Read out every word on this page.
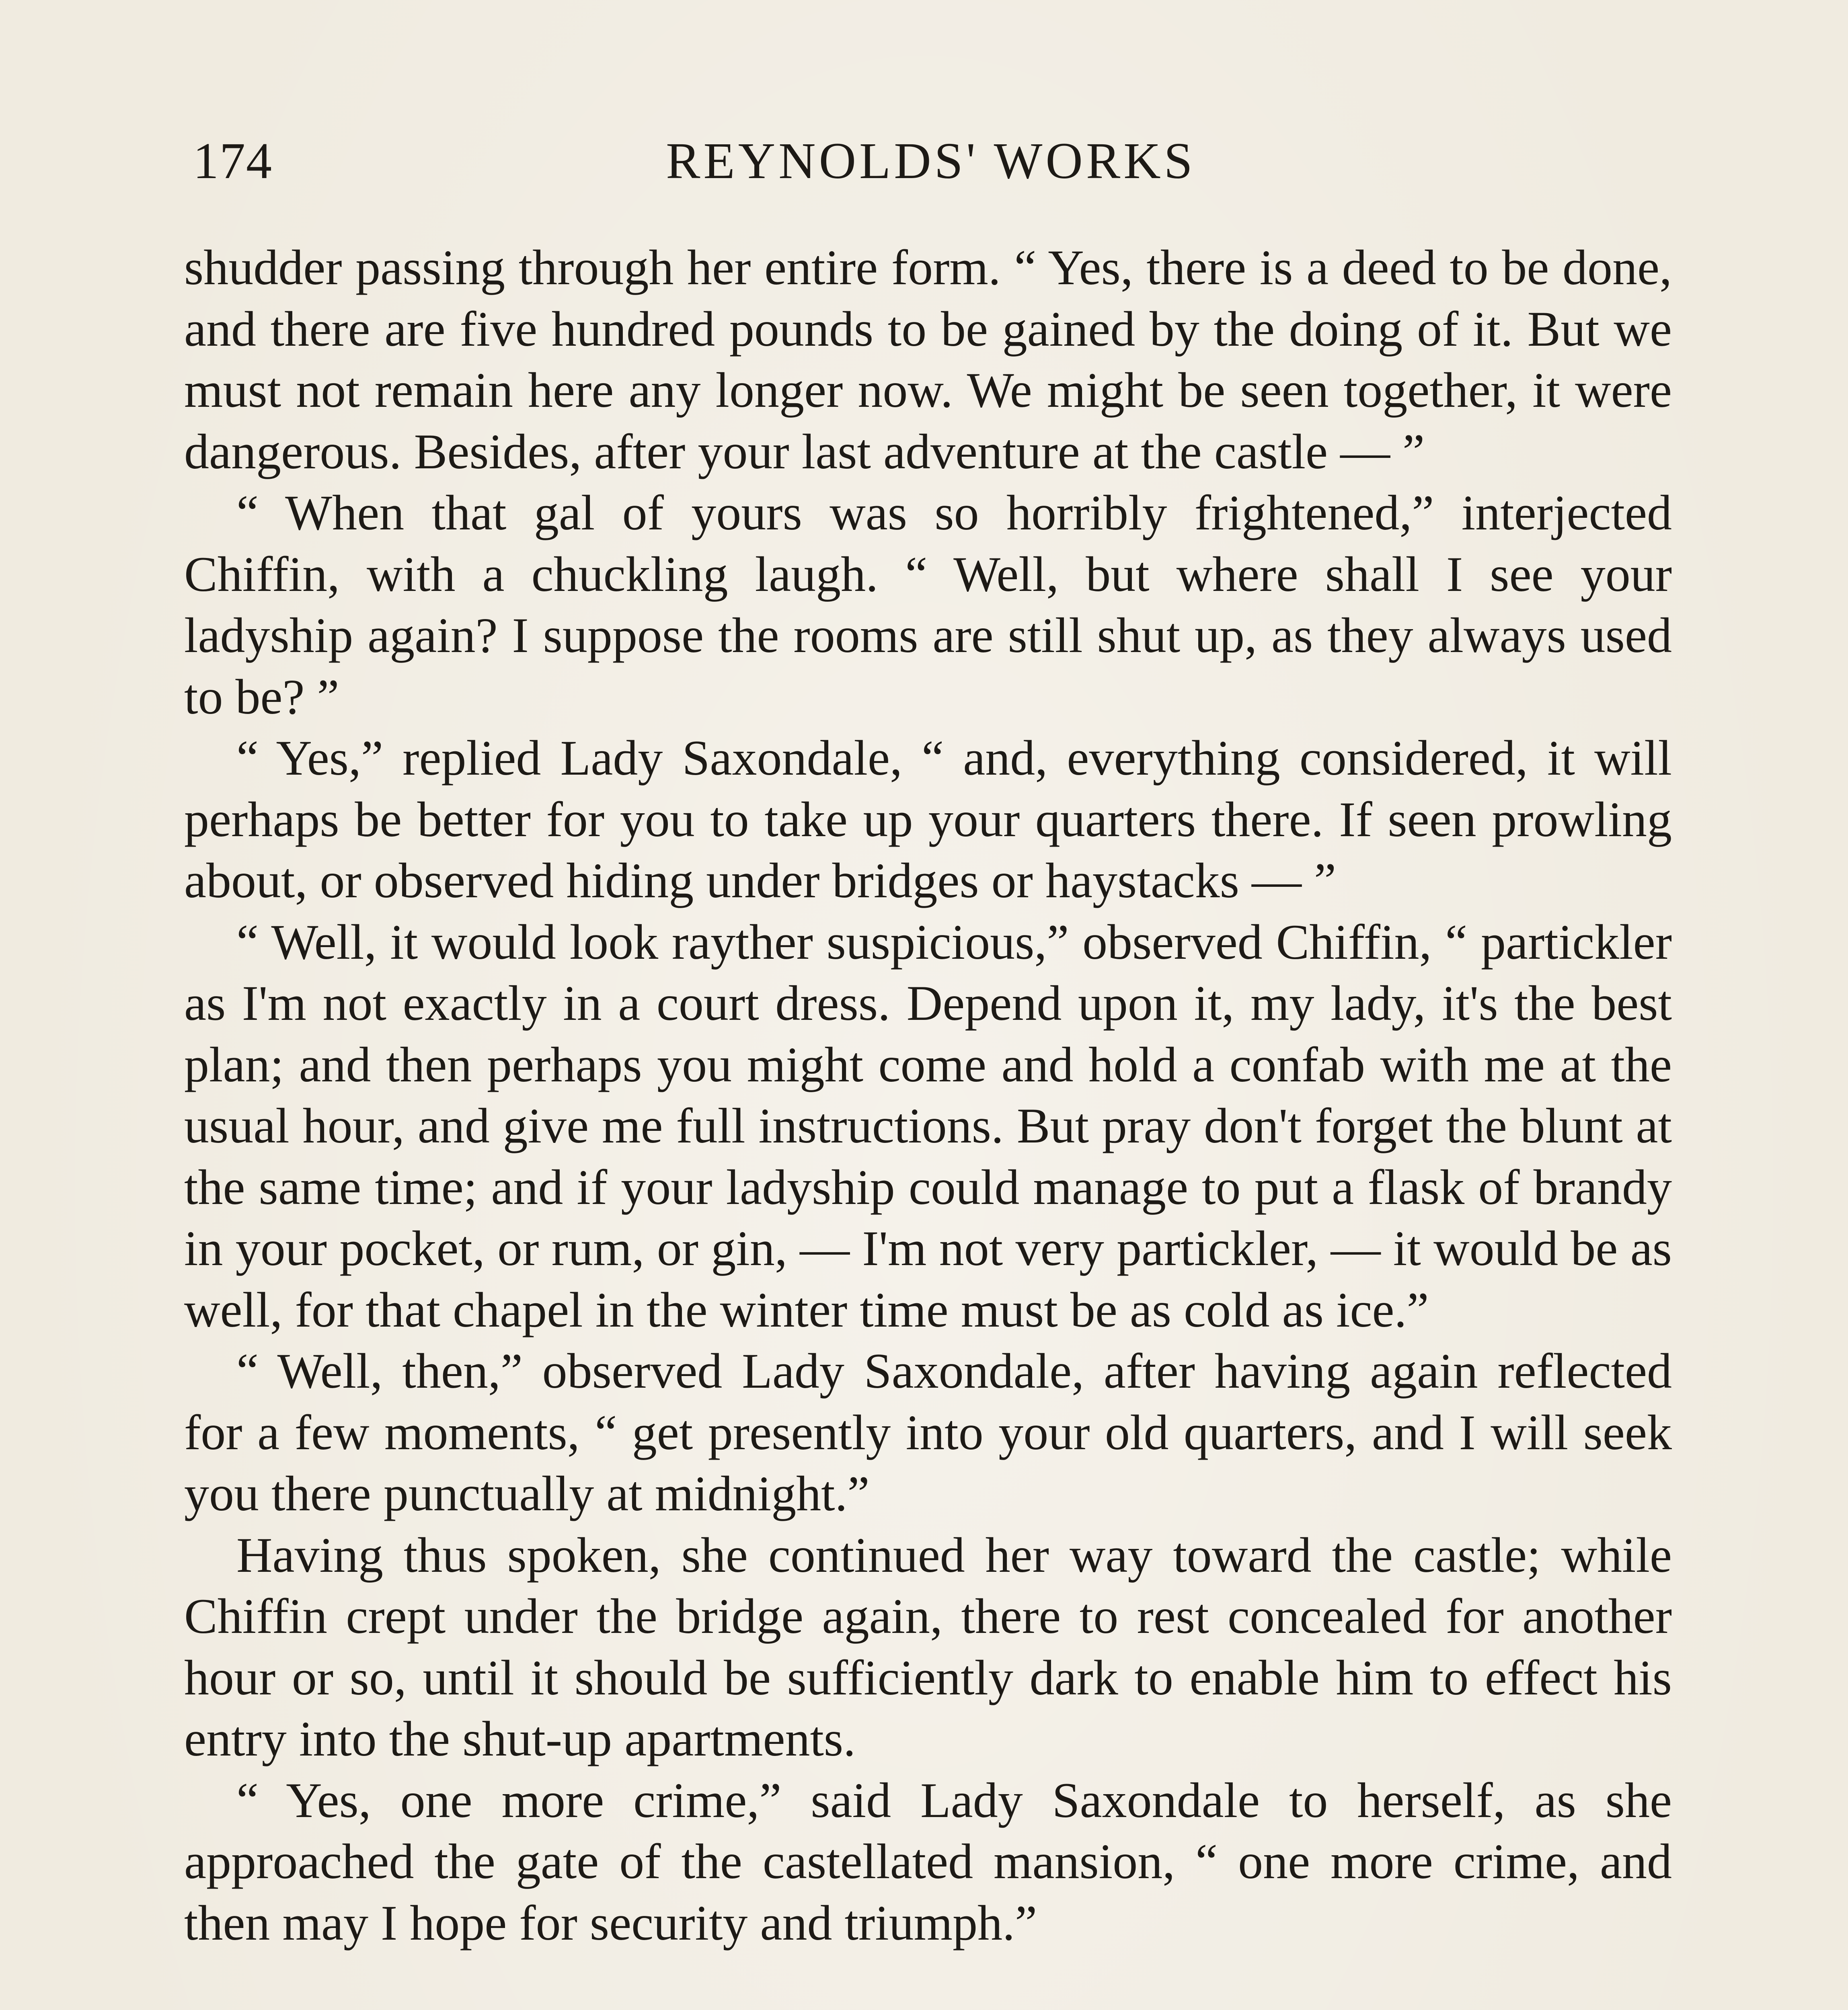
174	REYNOLDS' WORKS

shudder passing through her entire form. “ Yes, there is a deed to be done, and there are five hundred pounds to be gained by the doing of it. But we must not remain here any longer now. We might be seen together, it were dangerous. Besides, after your last adventure at the castle — ”

“ When that gal of yours was so horribly frightened,” interjected Chiffin, with a chuckling laugh. “ Well, but where shall I see your ladyship again? I suppose the rooms are still shut up, as they always used to be? ”

“ Yes,” replied Lady Saxondale, “ and, everything considered, it will perhaps be better for you to take up your quarters there. If seen prowling about, or observed hiding under bridges or haystacks — ”

“ Well, it would look rayther suspicious,” observed Chiffin, “ partickler as I'm not exactly in a court dress. Depend upon it, my lady, it's the best plan; and then perhaps you might come and hold a confab with me at the usual hour, and give me full instructions. But pray don't forget the blunt at the same time; and if your ladyship could manage to put a flask of brandy in your pocket, or rum, or gin, — I'm not very partickler, — it would be as well, for that chapel in the winter time must be as cold as ice.”

“ Well, then,” observed Lady Saxondale, after having again reflected for a few moments, “ get presently into your old quarters, and I will seek you there punctually at midnight.”

Having thus spoken, she continued her way toward the castle; while Chiffin crept under the bridge again, there to rest concealed for another hour or so, until it should be sufficiently dark to enable him to effect his entry into the shut-up apartments.

“ Yes, one more crime,” said Lady Saxondale to herself, as she approached the gate of the castellated mansion, “ one more crime, and then may I hope for security and triumph.”
